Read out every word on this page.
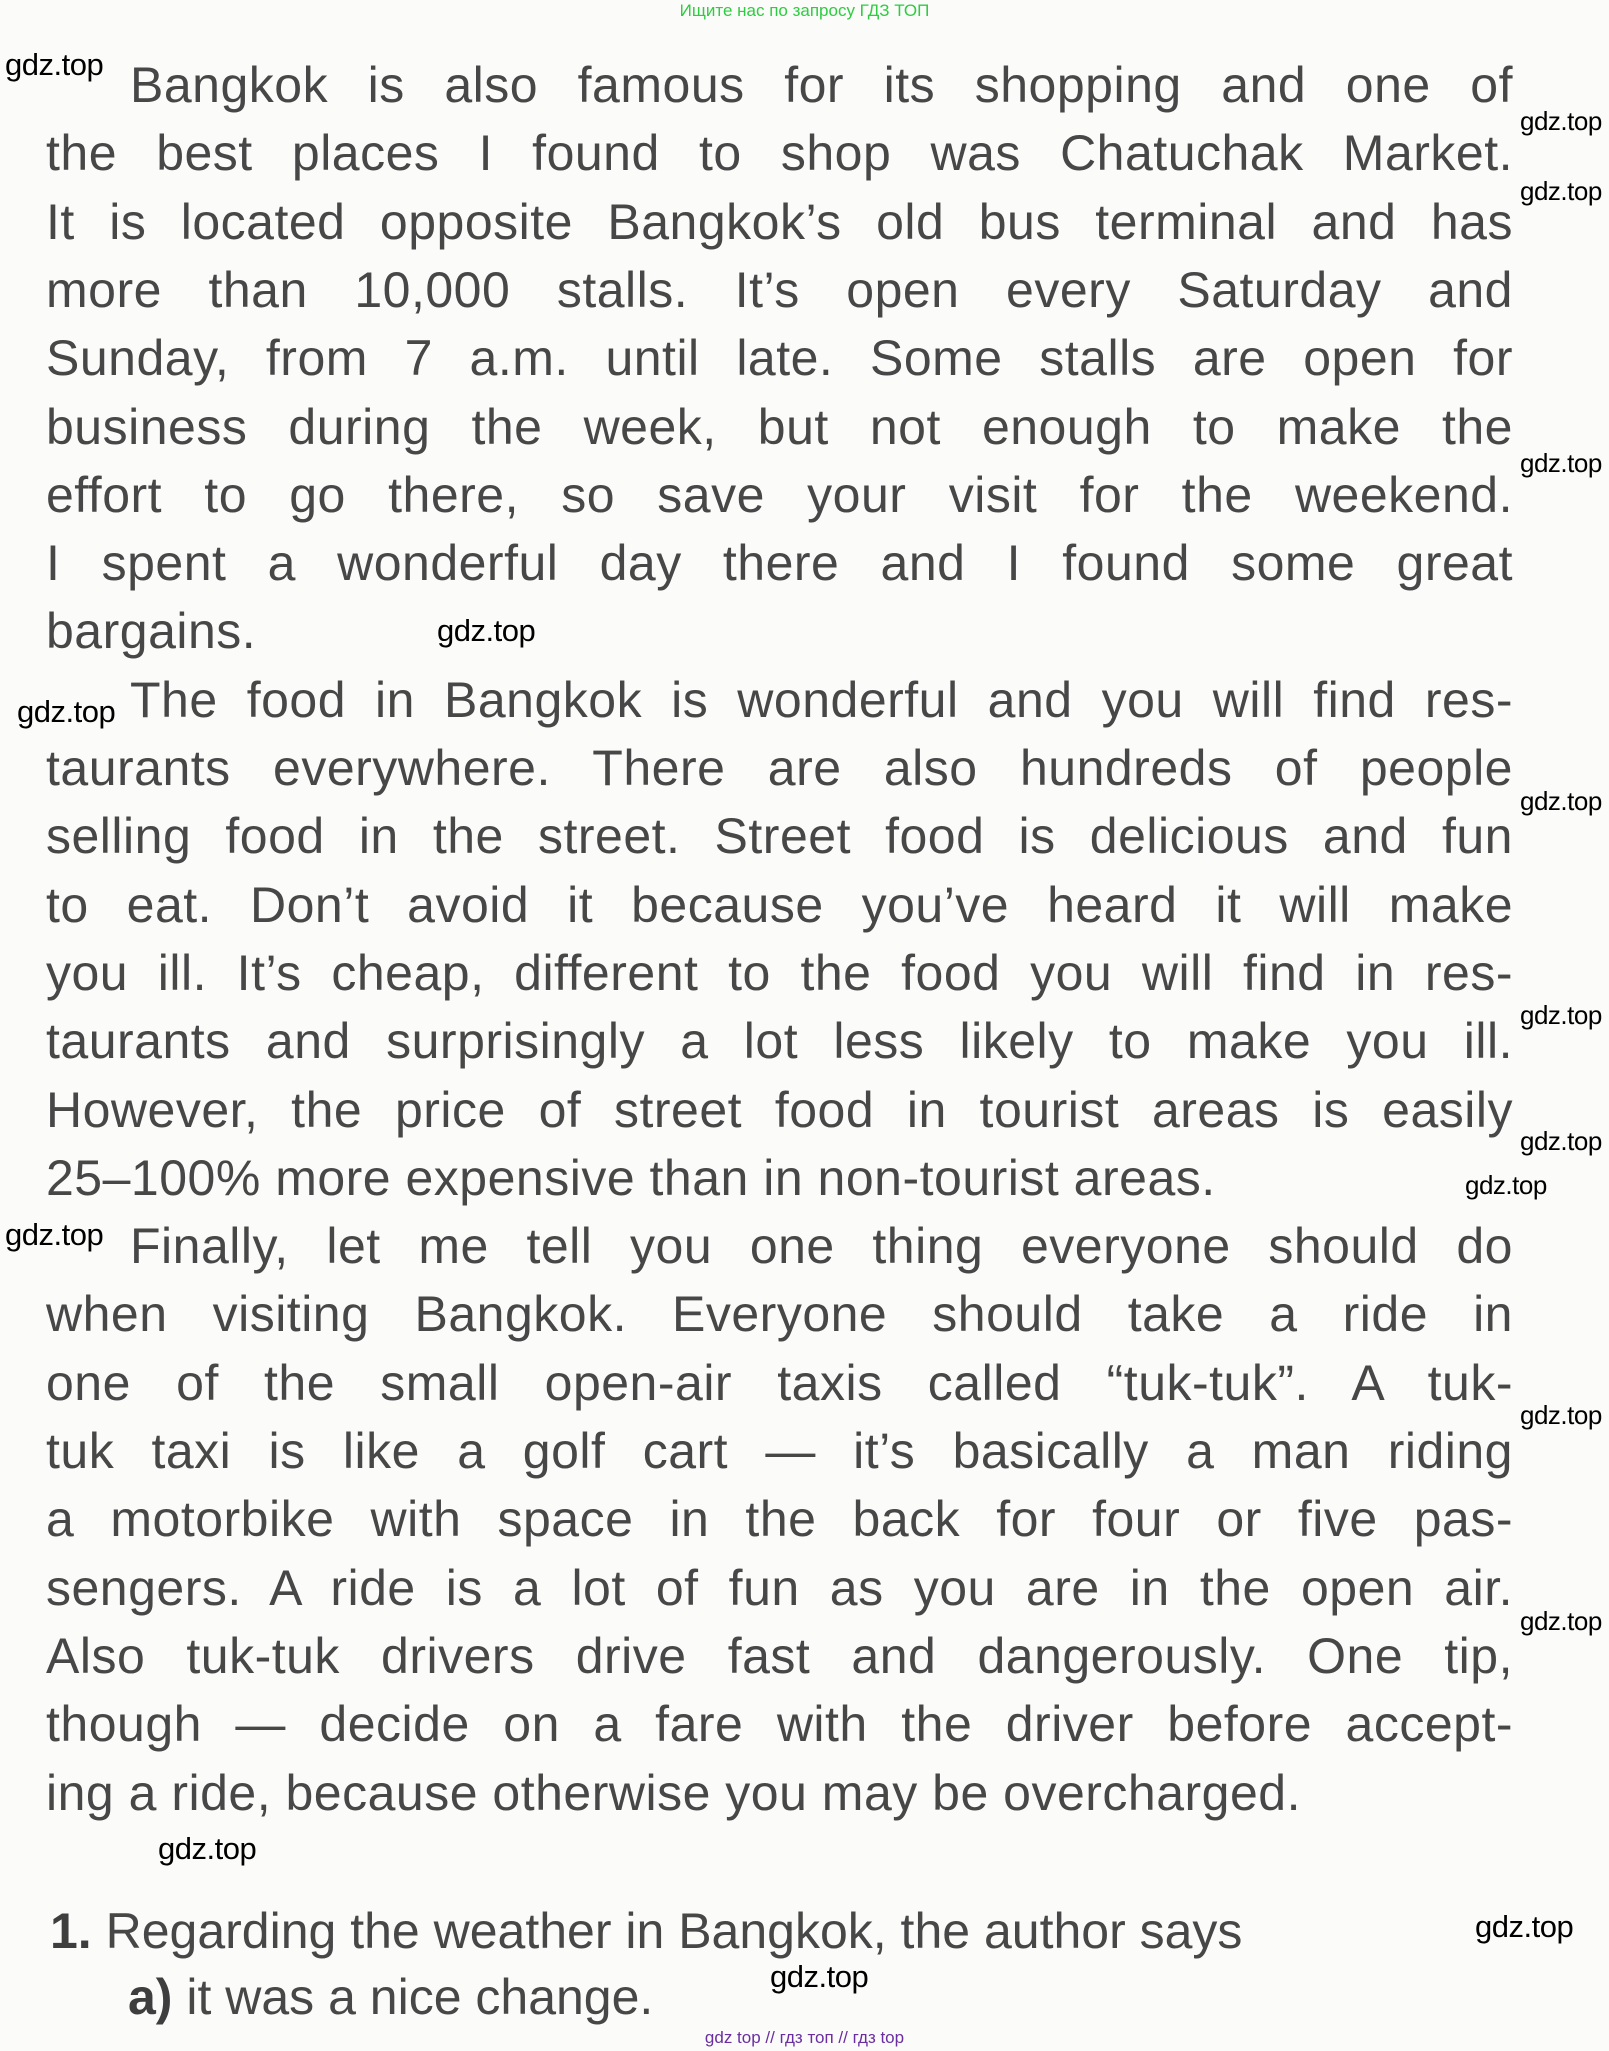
Ищите нас по запросу ГДЗ ТОП
Bangkok is also famous for its shopping and one of
the best places I found to shop was Chatuchak Market.
It is located opposite Bangkok’s old bus terminal and has
more than 10,000 stalls. It’s open every Saturday and
Sunday, from 7 a.m. until late. Some stalls are open for
business during the week, but not enough to make the
effort to go there, so save your visit for the weekend.
I spent a wonderful day there and I found some great
bargains.
The food in Bangkok is wonderful and you will find res-
taurants everywhere. There are also hundreds of people
selling food in the street. Street food is delicious and fun
to eat. Don’t avoid it because you’ve heard it will make
you ill. It’s cheap, different to the food you will find in res-
taurants and surprisingly a lot less likely to make you ill.
However, the price of street food in tourist areas is easily
25–100% more expensive than in non-tourist areas.
Finally, let me tell you one thing everyone should do
when visiting Bangkok. Everyone should take a ride in
one of the small open-air taxis called “tuk-tuk”. A tuk-
tuk taxi is like a golf cart — it’s basically a man riding
a motorbike with space in the back for four or five pas-
sengers. A ride is a lot of fun as you are in the open air.
Also tuk-tuk drivers drive fast and dangerously. One tip,
though — decide on a fare with the driver before accept-
ing a ride, because otherwise you may be overcharged.
1. Regarding the weather in Bangkok, the author says
a) it was a nice change.
gdz.top
gdz.top
gdz.top
gdz.top
gdz.top
gdz.top
gdz.top
gdz.top
gdz.top
gdz.top
gdz.top
gdz.top
gdz.top
gdz.top
gdz.top
gdz.top
gdz top // гдз топ // гдз top
